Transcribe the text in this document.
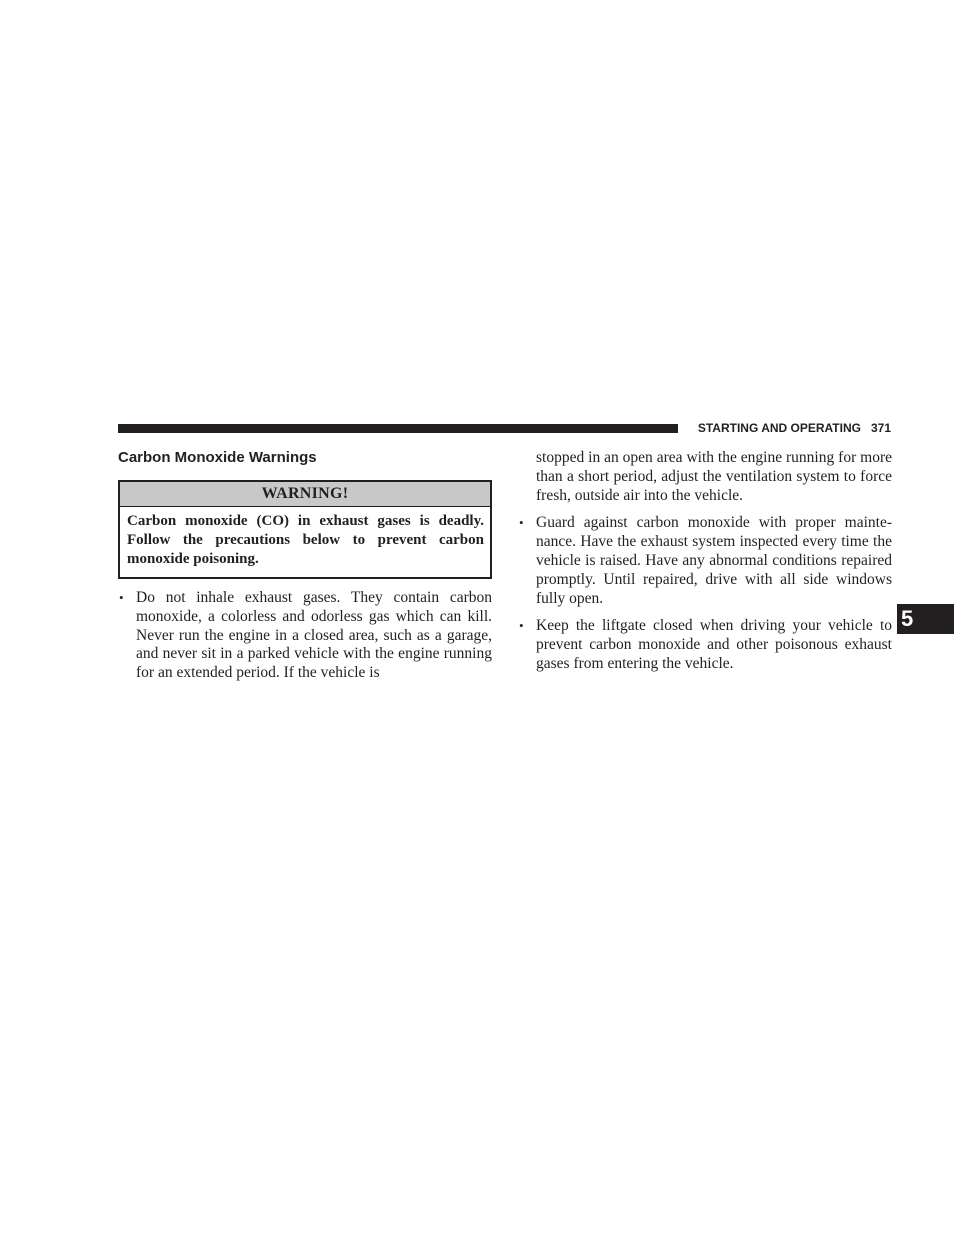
STARTING AND OPERATING 371
Carbon Monoxide Warnings
WARNING!
Carbon monoxide (CO) in exhaust gases is deadly. Follow the precautions below to prevent carbon monoxide poisoning.
• Do not inhale exhaust gases. They contain carbon monoxide, a colorless and odorless gas which can kill. Never run the engine in a closed area, such as a garage, and never sit in a parked vehicle with the engine running for an extended period. If the vehicle is

stopped in an open area with the engine running for more than a short period, adjust the ventilation system to force fresh, outside air into the vehicle.

• Guard against carbon monoxide with proper maintenance. Have the exhaust system inspected every time the vehicle is raised. Have any abnormal conditions repaired promptly. Until repaired, drive with all side windows fully open.
• Keep the liftgate closed when driving your vehicle to prevent carbon monoxide and other poisonous exhaust gases from entering the vehicle.
5
